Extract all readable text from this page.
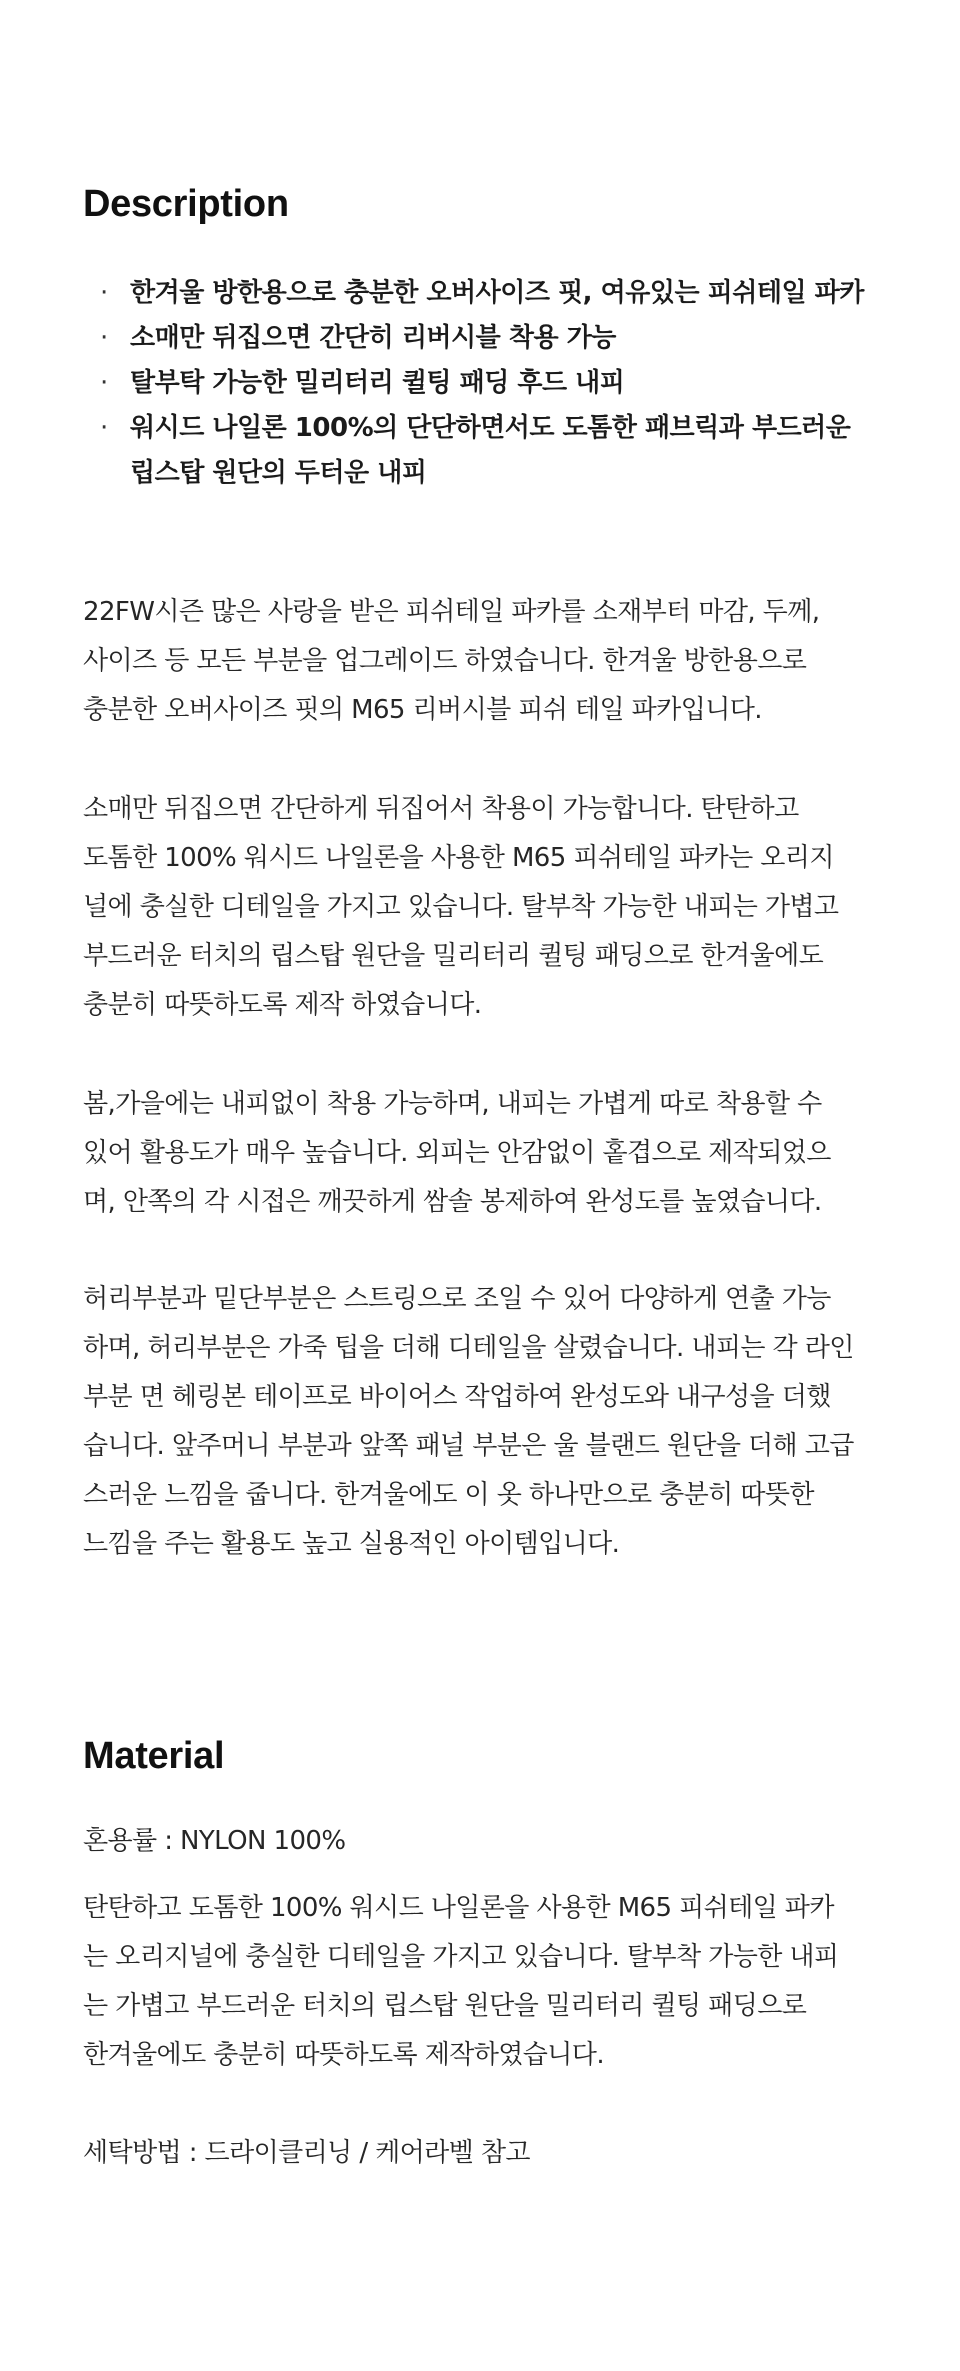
Description
· 한겨울 방한용으로 충분한 오버사이즈 핏, 여유있는 피쉬테일 파카
· 소매만 뒤집으면 간단히 리버시블 착용 가능
· 탈부탁 가능한 밀리터리 퀼팅 패딩 후드 내피
· 워시드 나일론 100%의 단단하면서도 도톰한 패브릭과 부드러운
립스탑 원단의 두터운 내피

22FW시즌 많은 사랑을 받은 피쉬테일 파카를 소재부터 마감, 두께,
사이즈 등 모든 부분을 업그레이드 하였습니다. 한겨울 방한용으로
충분한 오버사이즈 핏의 M65 리버시블 피쉬 테일 파카입니다.

소매만 뒤집으면 간단하게 뒤집어서 착용이 가능합니다. 탄탄하고
도톰한 100% 워시드 나일론을 사용한 M65 피쉬테일 파카는 오리지
널에 충실한 디테일을 가지고 있습니다. 탈부착 가능한 내피는 가볍고
부드러운 터치의 립스탑 원단을 밀리터리 퀼팅 패딩으로 한겨울에도
충분히 따뜻하도록 제작 하였습니다.

봄,가을에는 내피없이 착용 가능하며, 내피는 가볍게 따로 착용할 수
있어 활용도가 매우 높습니다. 외피는 안감없이 홑겹으로 제작되었으
며, 안쪽의 각 시접은 깨끗하게 쌈솔 봉제하여 완성도를 높였습니다.

허리부분과 밑단부분은 스트링으로 조일 수 있어 다양하게 연출 가능
하며, 허리부분은 가죽 팁을 더해 디테일을 살렸습니다. 내피는 각 라인
부분 면 헤링본 테이프로 바이어스 작업하여 완성도와 내구성을 더했
습니다. 앞주머니 부분과 앞쪽 패널 부분은 울 블랜드 원단을 더해 고급
스러운 느낌을 줍니다. 한겨울에도 이 옷 하나만으로 충분히 따뜻한
느낌을 주는 활용도 높고 실용적인 아이템입니다.

Material

혼용률 : NYLON 100%

탄탄하고 도톰한 100% 워시드 나일론을 사용한 M65 피쉬테일 파카
는 오리지널에 충실한 디테일을 가지고 있습니다. 탈부착 가능한 내피
는 가볍고 부드러운 터치의 립스탑 원단을 밀리터리 퀼팅 패딩으로
한겨울에도 충분히 따뜻하도록 제작하였습니다.

세탁방법 : 드라이클리닝 / 케어라벨 참고
